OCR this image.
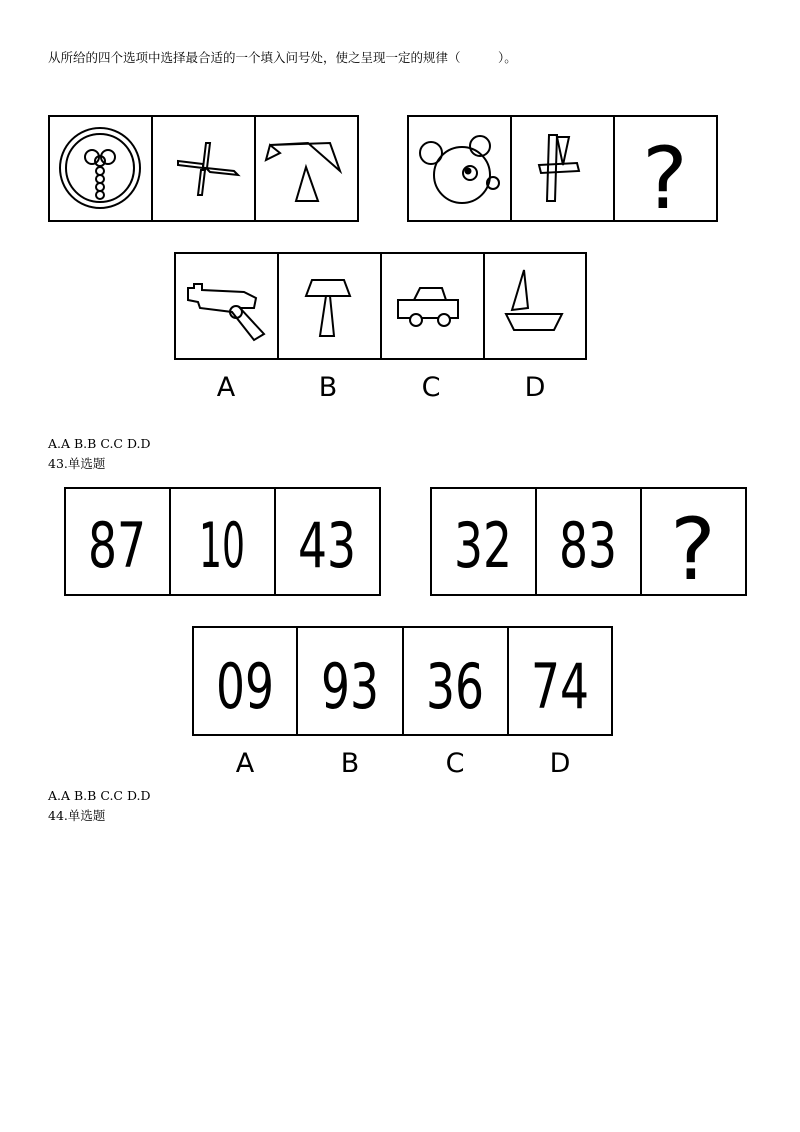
从所给的四个选项中选择最合适的一个填入问号处，使之呈现一定的规律（　　　）。
?
A	B	C	D
A.A B.B C.C D.D
43.单选题
87 10 43 32 83 ?
09 93 36 74
A	B	C	D
A.A B.B C.C D.D
44.单选题
